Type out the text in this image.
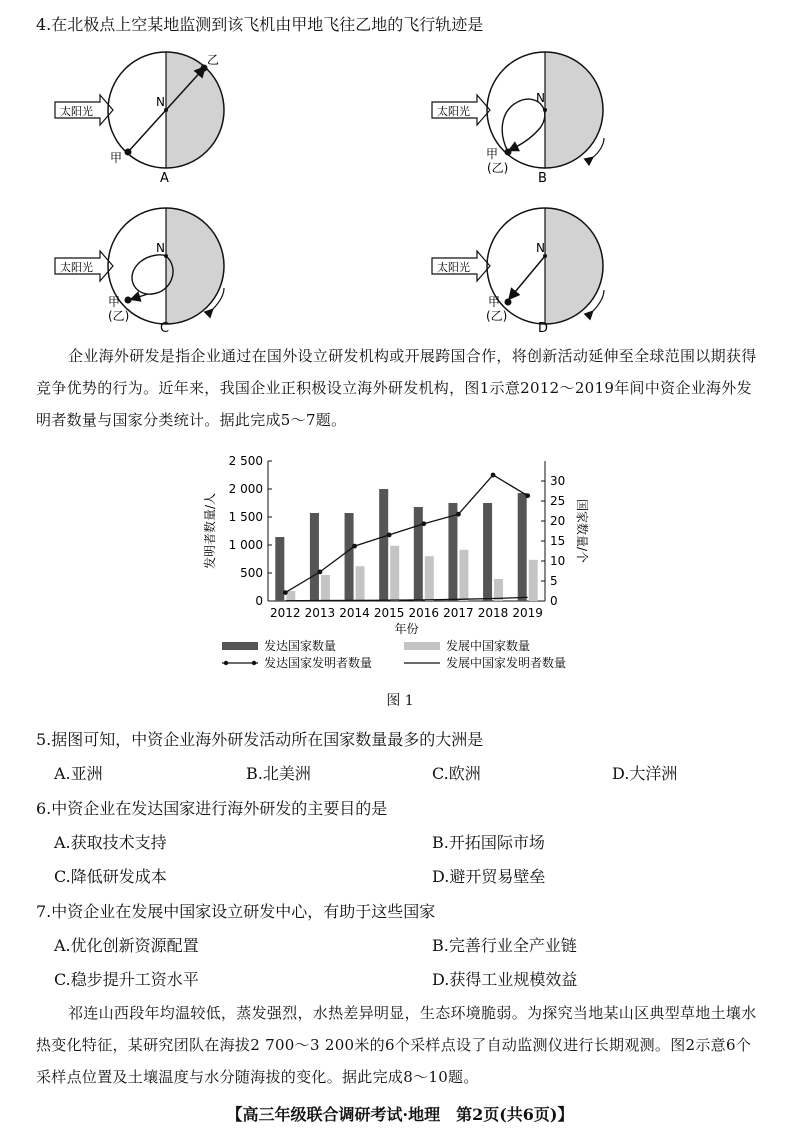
4.在北极点上空某地监测到该飞机由甲地飞往乙地的飞行轨迹是
太阳光
N
甲
乙
A
太阳光
N
甲
(乙)
B
太阳光
N
甲
(乙)
C
太阳光
N
甲
(乙)
D
企业海外研发是指企业通过在国外设立研发机构或开展跨国合作，将创新活动延伸至全球范围以期获得竞争优势的行为。近年来，我国企业正积极设立海外研发机构，图1示意2012～2019年间中资企业海外发明者数量与国家分类统计。据此完成5～7题。
0
500
1 000
1 500
2 000
2 500
0
5
10
15
20
25
30
2012 2013 2014 2015 2016 2017 2018 2019
年份
发明者数量/人	国家数量/个
发达国家数量	发展中国家数量
发达国家发明者数量	发展中国家发明者数量
图 1
5.据图可知，中资企业海外研发活动所在国家数量最多的大洲是
A.亚洲	B.北美洲	C.欧洲	D.大洋洲
6.中资企业在发达国家进行海外研发的主要目的是
A.获取技术支持	B.开拓国际市场
C.降低研发成本	D.避开贸易壁垒
7.中资企业在发展中国家设立研发中心，有助于这些国家
A.优化创新资源配置	B.完善行业全产业链
C.稳步提升工资水平	D.获得工业规模效益
祁连山西段年均温较低，蒸发强烈，水热差异明显，生态环境脆弱。为探究当地某山区典型草地土壤水热变化特征，某研究团队在海拔2 700～3 200米的6个采样点设了自动监测仪进行长期观测。图2示意6个采样点位置及土壤温度与水分随海拔的变化。据此完成8～10题。
【高三年级联合调研考试·地理　第2页(共6页)】
